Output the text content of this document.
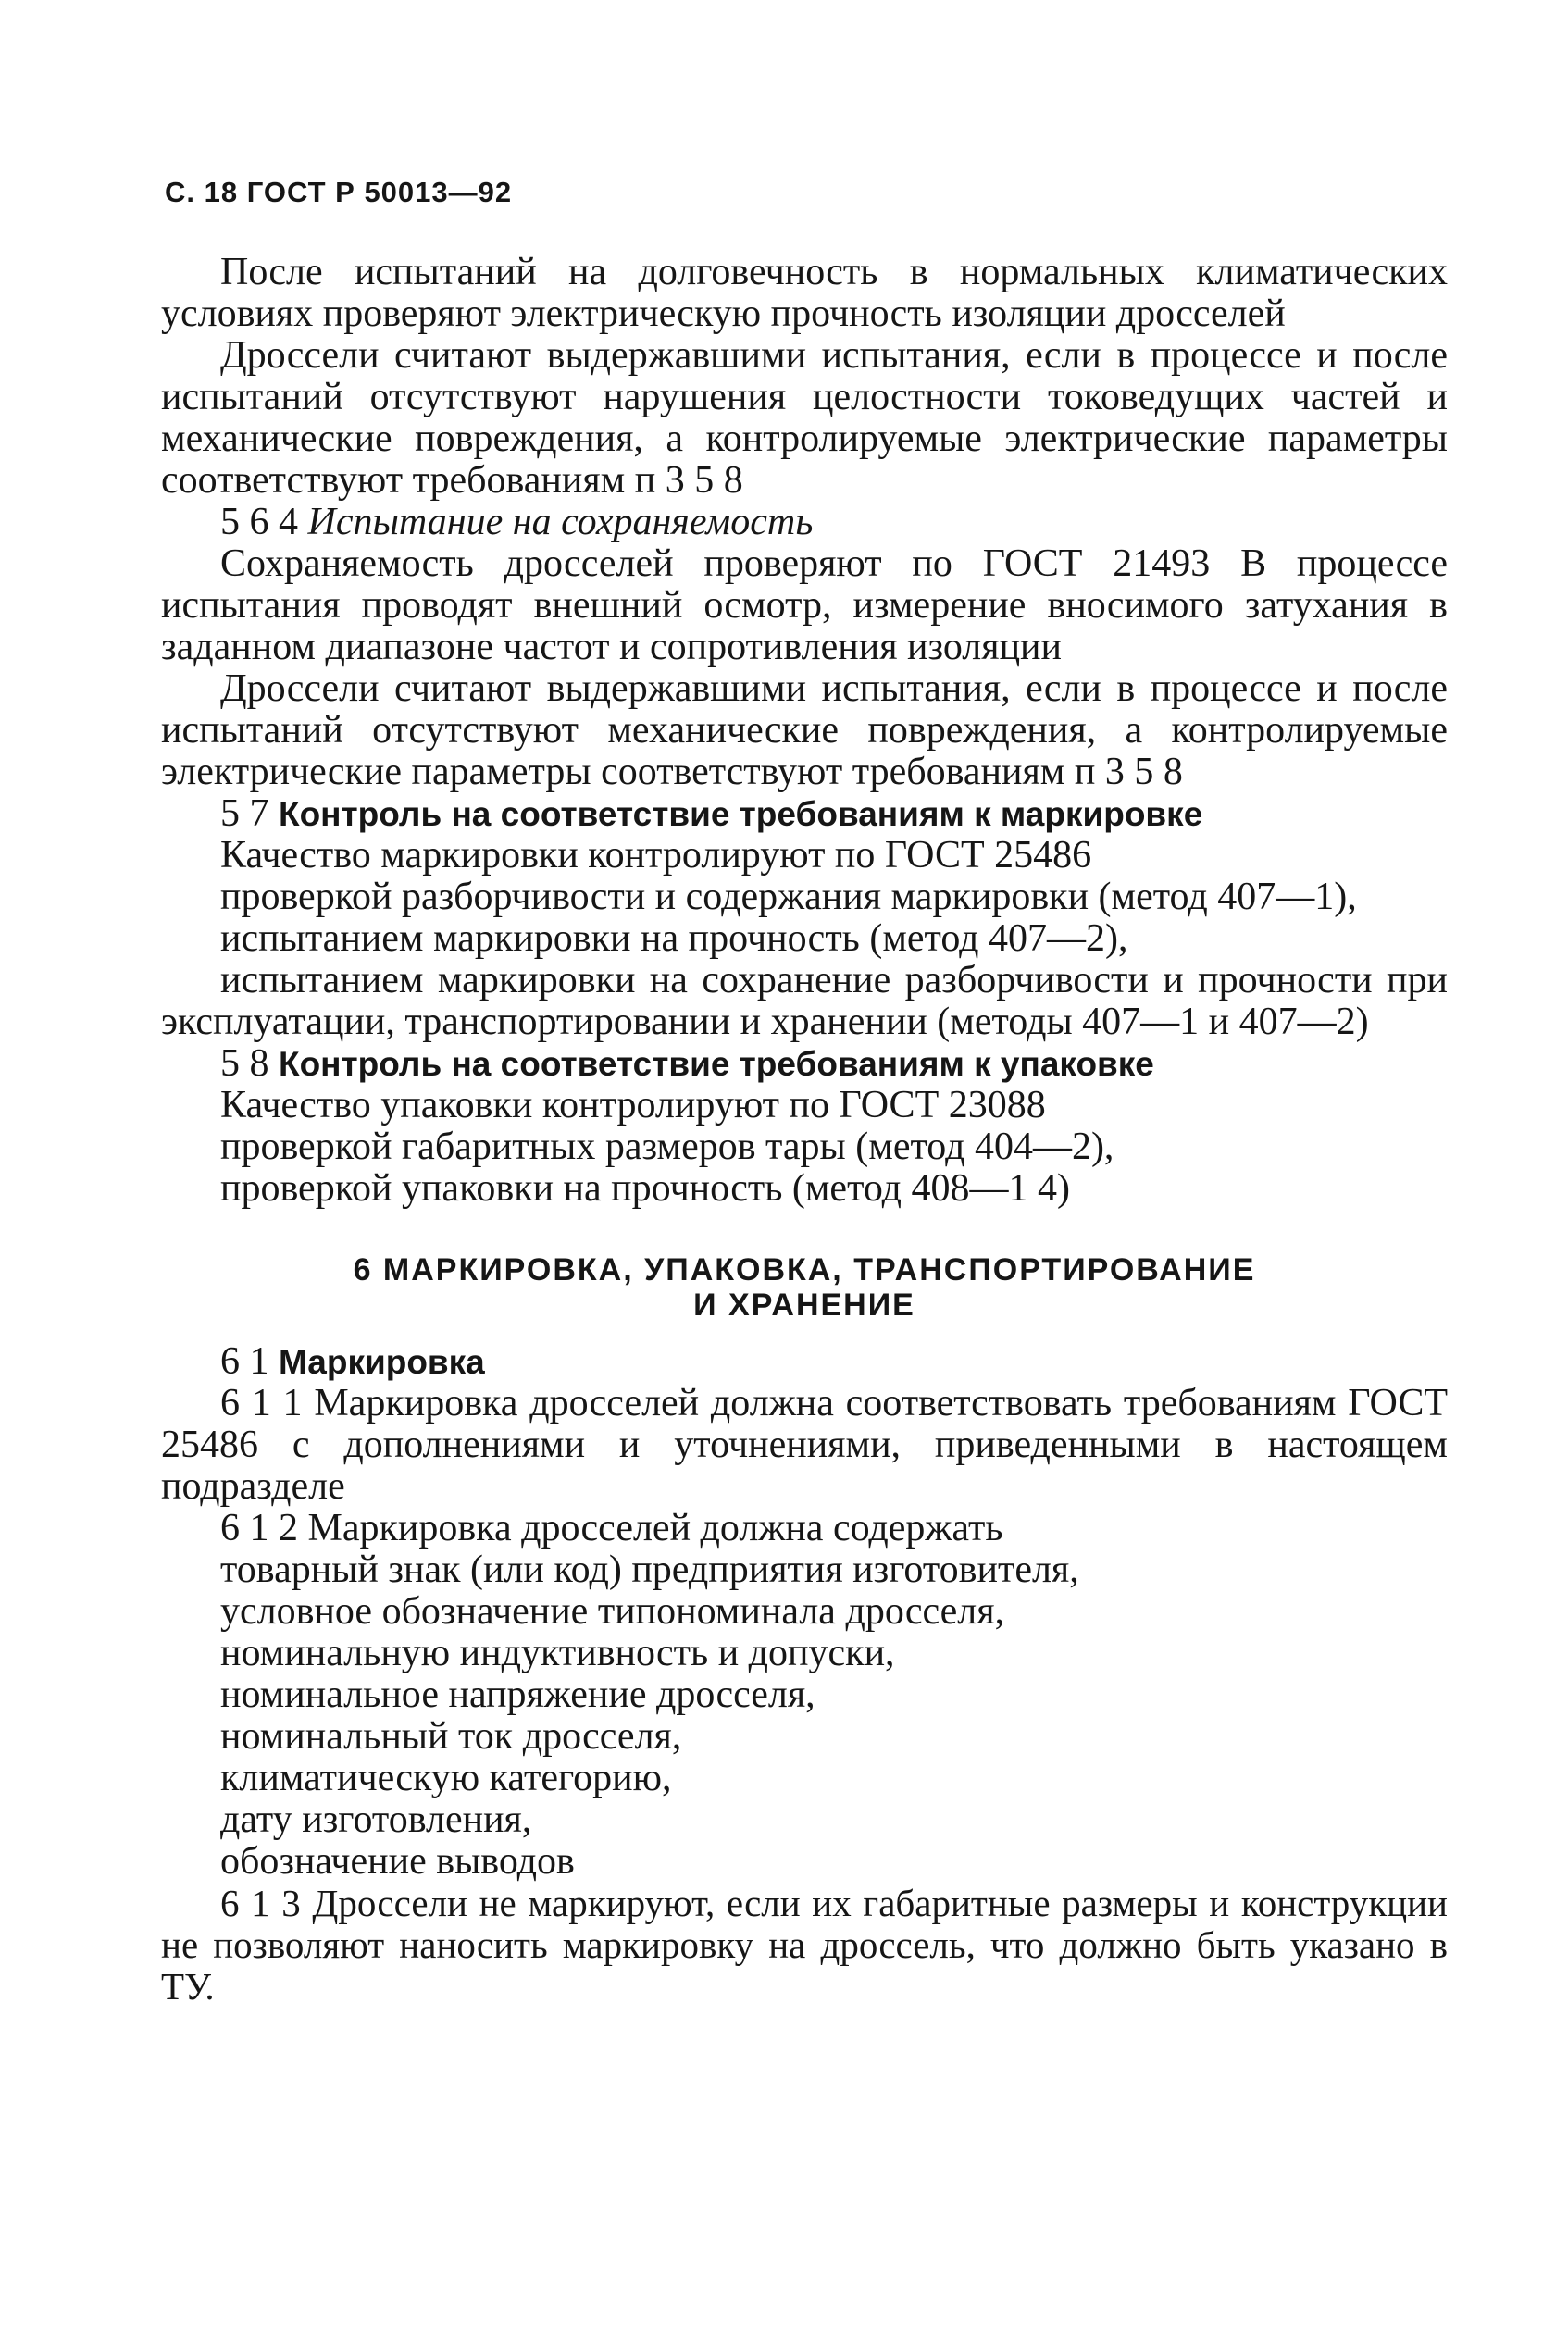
С. 18 ГОСТ Р 50013—92

После испытаний на долговечность в нормальных климатических условиях проверяют электрическую прочность изоляции дросселей

Дроссели считают выдержавшими испытания, если в процессе и после испытаний отсутствуют нарушения целостности токоведущих частей и механические повреждения, а контролируемые электрические параметры соответствуют требованиям п 3 5 8

5 6 4 Испытание на сохраняемость

Сохраняемость дросселей проверяют по ГОСТ 21493 В процессе испытания проводят внешний осмотр, измерение вносимого затухания в заданном диапазоне частот и сопротивления изоляции

Дроссели считают выдержавшими испытания, если в процессе и после испытаний отсутствуют механические повреждения, а контролируемые электрические параметры соответствуют требованиям п 3 5 8

5 7 Контроль на соответствие требованиям к маркировке

Качество маркировки контролируют по ГОСТ 25486

проверкой разборчивости и содержания маркировки (метод 407—1),

испытанием маркировки на прочность (метод 407—2),

испытанием маркировки на сохранение разборчивости и прочности при эксплуатации, транспортировании и хранении (методы 407—1 и 407—2)

5 8 Контроль на соответствие требованиям к упаковке

Качество упаковки контролируют по ГОСТ 23088

проверкой габаритных размеров тары (метод 404—2),

проверкой упаковки на прочность (метод 408—1 4)

6 МАРКИРОВКА, УПАКОВКА, ТРАНСПОРТИРОВАНИЕ
И ХРАНЕНИЕ

6 1 Маркировка

6 1 1 Маркировка дросселей должна соответствовать требованиям ГОСТ 25486 с дополнениями и уточнениями, приведенными в настоящем подразделе

6 1 2 Маркировка дросселей должна содержать

товарный знак (или код) предприятия изготовителя,

условное обозначение типономинала дросселя,

номинальную индуктивность и допуски,

номинальное напряжение дросселя,

номинальный ток дросселя,

климатическую категорию,

дату изготовления,

обозначение выводов

6 1 3 Дроссели не маркируют, если их габаритные размеры и конструкции не позволяют наносить маркировку на дроссель, что должно быть указано в ТУ.
